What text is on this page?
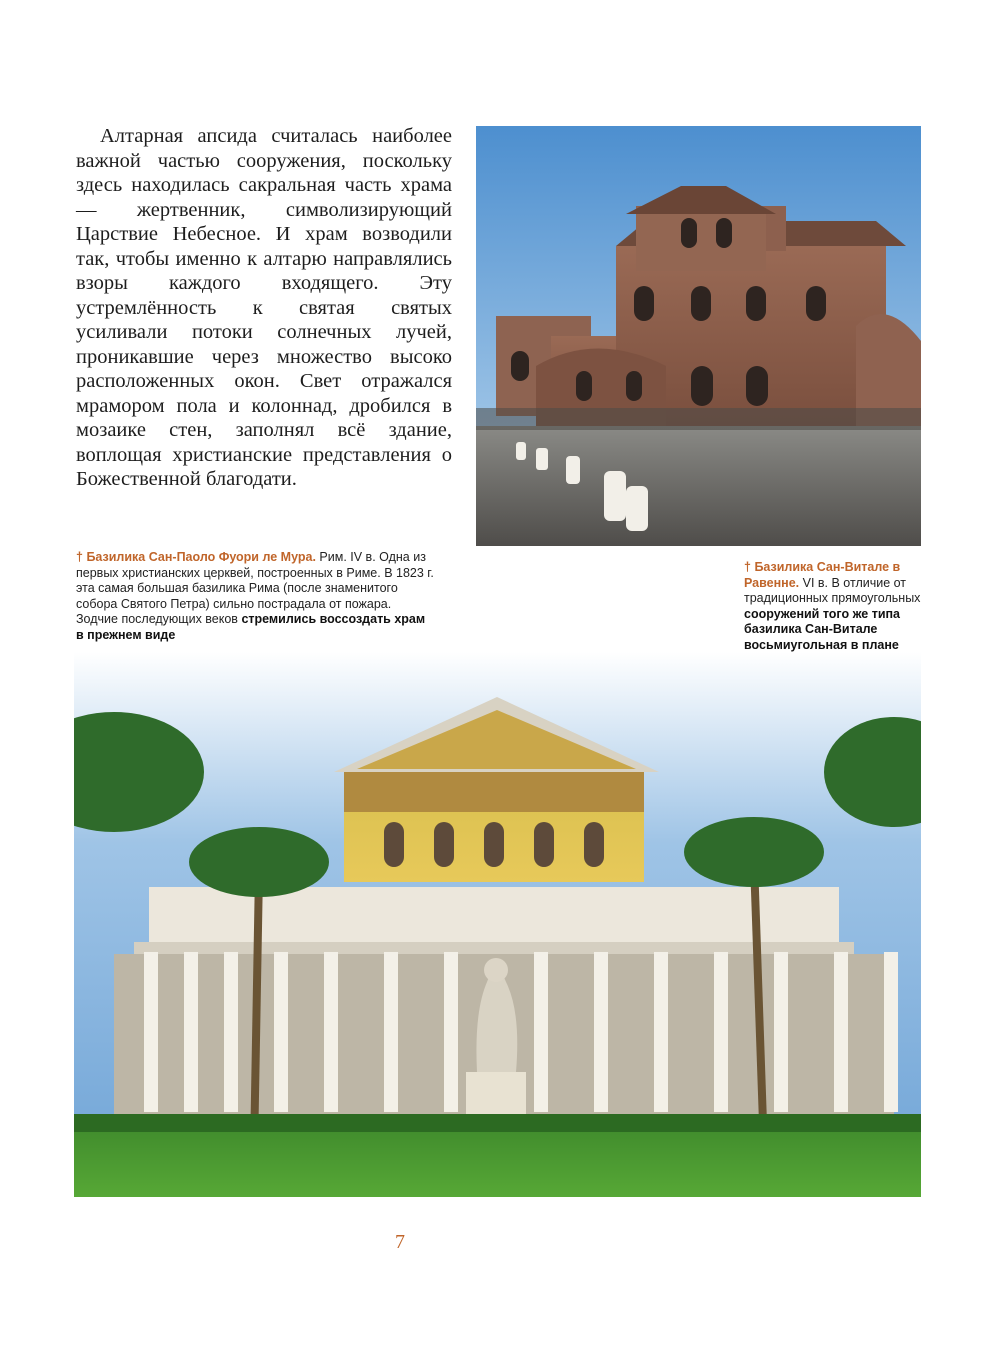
Алтарная апсида считалась наиболее важной частью сооружения, поскольку здесь находилась сакральная часть храма — жертвенник, символизирующий Царствие Небесное. И храм возводили так, чтобы именно к алтарю направлялись взоры каждого входящего. Эту устремлённость к святая святых усиливали потоки солнечных лучей, проникавшие через множество высоко расположенных окон. Свет отражался мрамором пола и колоннад, дробился в мозаике стен, заполнял всё здание, воплощая христианские представления о Божественной благодати.

† Базилика Сан-Паоло Фуори ле Мура. Рим. IV в. Одна из первых христианских церквей, построенных в Риме. В 1823 г. эта самая большая базилика Рима (после знаменитого собора Святого Петра) сильно пострадала от пожара. Зодчие последующих веков стремились воссоздать храм в прежнем виде
† Базилика Сан-Витале в Равенне. VI в. В отличие от традиционных прямоугольных сооружений того же типа базилика Сан-Витале восьмиугольная в плане
7
